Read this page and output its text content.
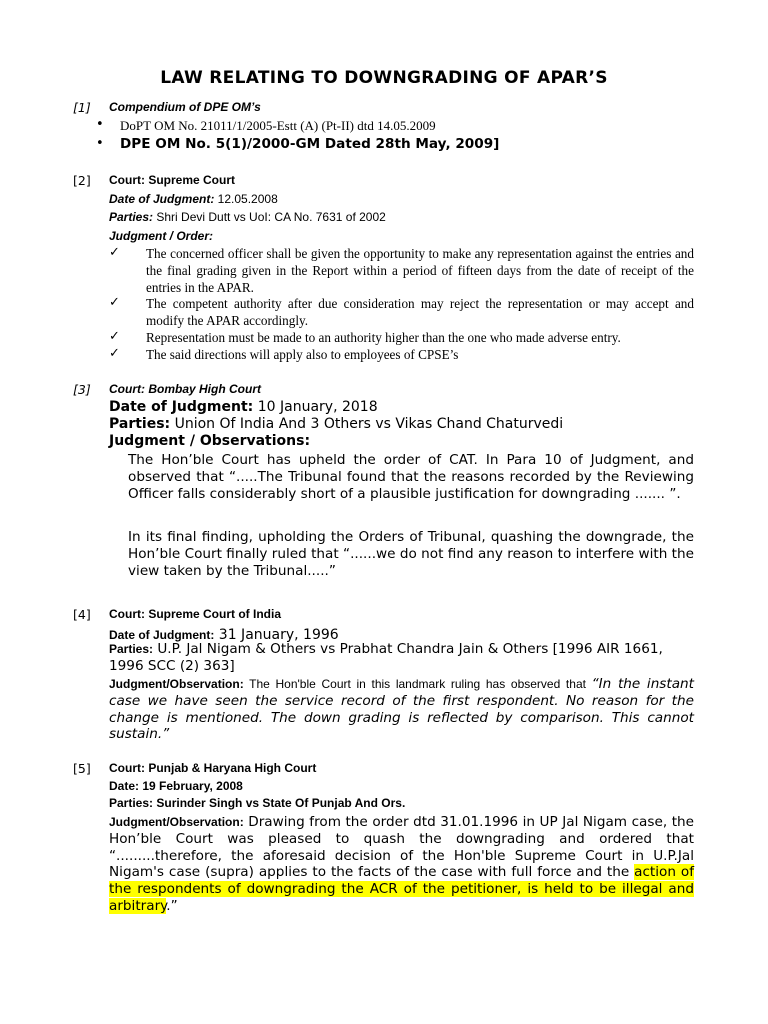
LAW RELATING TO DOWNGRADING OF APAR’S
[1] Compendium of DPE OM’s
• DoPT OM No. 21011/1/2005-Estt (A) (Pt-II) dtd 14.05.2009
• DPE OM No. 5(1)/2000-GM Dated 28th May, 2009]
[2] Court: Supreme Court
Date of Judgment: 12.05.2008
Parties: Shri Devi Dutt vs UoI: CA No. 7631 of 2002
Judgment / Order:
✓ The concerned officer shall be given the opportunity to make any representation against the entries and the final grading given in the Report within a period of fifteen days from the date of receipt of the entries in the APAR.
✓ The competent authority after due consideration may reject the representation or may accept and modify the APAR accordingly.
✓ Representation must be made to an authority higher than the one who made adverse entry.
✓ The said directions will apply also to employees of CPSE’s
[3] Court: Bombay High Court
Date of Judgment: 10 January, 2018
Parties: Union Of India And 3 Others vs Vikas Chand Chaturvedi
Judgment / Observations:
The Hon’ble Court has upheld the order of CAT. In Para 10 of Judgment, and observed that “.....The Tribunal found that the reasons recorded by the Reviewing Officer falls considerably short of a plausible justification for downgrading ....... ”.
In its final finding, upholding the Orders of Tribunal, quashing the downgrade, the Hon’ble Court finally ruled that “......we do not find any reason to interfere with the view taken by the Tribunal.....”
[4] Court: Supreme Court of India
Date of Judgment: 31 January, 1996
Parties: U.P. Jal Nigam & Others vs Prabhat Chandra Jain & Others [1996 AIR 1661, 1996 SCC (2) 363]
Judgment/Observation: The Hon'ble Court in this landmark ruling has observed that “In the instant case we have seen the service record of the first respondent. No reason for the change is mentioned. The down grading is reflected by comparison. This cannot sustain.”
[5] Court: Punjab & Haryana High Court
Date: 19 February, 2008
Parties: Surinder Singh vs State Of Punjab And Ors.
Judgment/Observation: Drawing from the order dtd 31.01.1996 in UP Jal Nigam case, the Hon’ble Court was pleased to quash the downgrading and ordered that “.........therefore, the aforesaid decision of the Hon'ble Supreme Court in U.P.Jal Nigam's case (supra) applies to the facts of the case with full force and the action of the respondents of downgrading the ACR of the petitioner, is held to be illegal and arbitrary.”
